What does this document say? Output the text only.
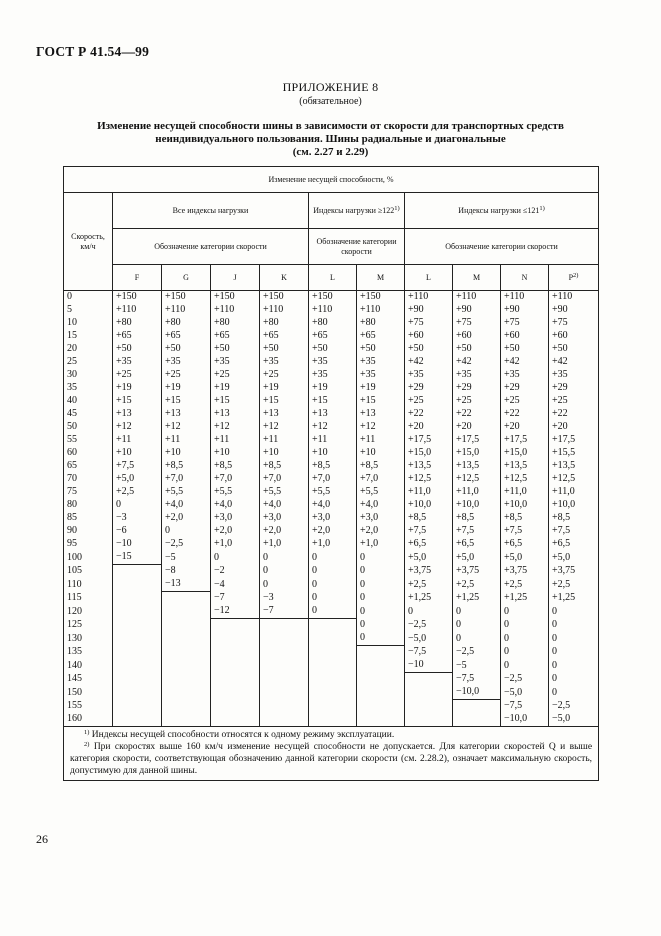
ГОСТ Р 41.54—99
ПРИЛОЖЕНИЕ 8
(обязательное)
Изменение несущей способности шины в зависимости от скорости для транспортных средств
неиндивидуального пользования. Шины радиальные и диагональные
(см. 2.27 и 2.29)
Изменение несущей способности, %										
Скорость, км/ч	Все индексы нагрузки				Индексы нагрузки $\ge 122^{1)}$		Индексы нагрузки $\le 121^{1)}$
	Обозначение категории скорости				Обозначение категории скорости		Обозначение категории скорости			
	F	G	J	K	L	M	L	M	N	$P^{2)}$
0	+150	+150	+150	+150	+150	+150	+110	+110	+110	+110
5	+110	+110	+110	+110	+110	+110	+90	+90	+90	+90
10	+80	+80	+80	+80	+80	+80	+75	+75	+75	+75
15	+65	+65	+65	+65	+65	+65	+60	+60	+60	+60
20	+50	+50	+50	+50	+50	+50	+50	+50	+50	+50
25	+35	+35	+35	+35	+35	+35	+42	+42	+42	+42
30	+25	+25	+25	+25	+35	+35	+35	+35	+35	+35
35	+19	+19	+19	+19	+19	+19	+29	+29	+29	+29
40	+15	+15	+15	+15	+15	+15	+25	+25	+25	+25
45	+13	+13	+13	+13	+13	+13	+22	+22	+22	+22
50	+12	+12	+12	+12	+12	+12	+20	+20	+20	+20
55	+11	+11	+11	+11	+11	+11	+17,5	+17,5	+17,5	+17,5
60	+10	+10	+10	+10	+10	+10	+15,0	+15,0	+15,0	+15,5
65	+7,5	+8,5	+8,5	+8,5	+8,5	+8,5	+13,5	+13,5	+13,5	+13,5
70	+5,0	+7,0	+7,0	+7,0	+7,0	+7,0	+12,5	+12,5	+12,5	+12,5
75	+2,5	+5,5	+5,5	+5,5	+5,5	+5,5	+11,0	+11,0	+11,0	+11,0
80	0	+4,0	+4,0	+4,0	+4,0	+4,0	+10,0	+10,0	+10,0	+10,0
85	−3	+2,0	+3,0	+3,0	+3,0	+3,0	+8,5	+8,5	+8,5	+8,5
90	−6	0	+2,0	+2,0	+2,0	+2,0	+7,5	+7,5	+7,5	+7,5
95	−10	−2,5	+1,0	+1,0	+1,0	+1,0	+6,5	+6,5	+6,5	+6,5
100	−15	−5	0	0	0	0	+5,0	+5,0	+5,0	+5,0
105		−8	−2	0	0	0	+3,75	+3,75	+3,75	+3,75
110		−13	−4	0	0	0	+2,5	+2,5	+2,5	+2,5
115			−7	−3	0	0	+1,25	+1,25	+1,25	+1,25
120			−12	−7	0	0	0	0	0	0
125						0	−2,5	0	0	0
130						0	−5,0	0	0	0
135							−7,5	−2,5	0	0
140							−10	−5	0	0
145								−7,5	−2,5	0
150								−10,0	−5,0	0
155									−7,5	−2,5
160									−10,0	−5,0

$^{1)}$ Индексы несущей способности относятся к одному режиму эксплуатации.

$^{2)}$ При скоростях выше 160 км/ч изменение несущей способности не допускается. Для категории скоростей Q и выше категория скорости, соответствующая обозначению данной категории скорости (см. 2.28.2), означает максимальную скорость, допустимую для данной шины.										

26
